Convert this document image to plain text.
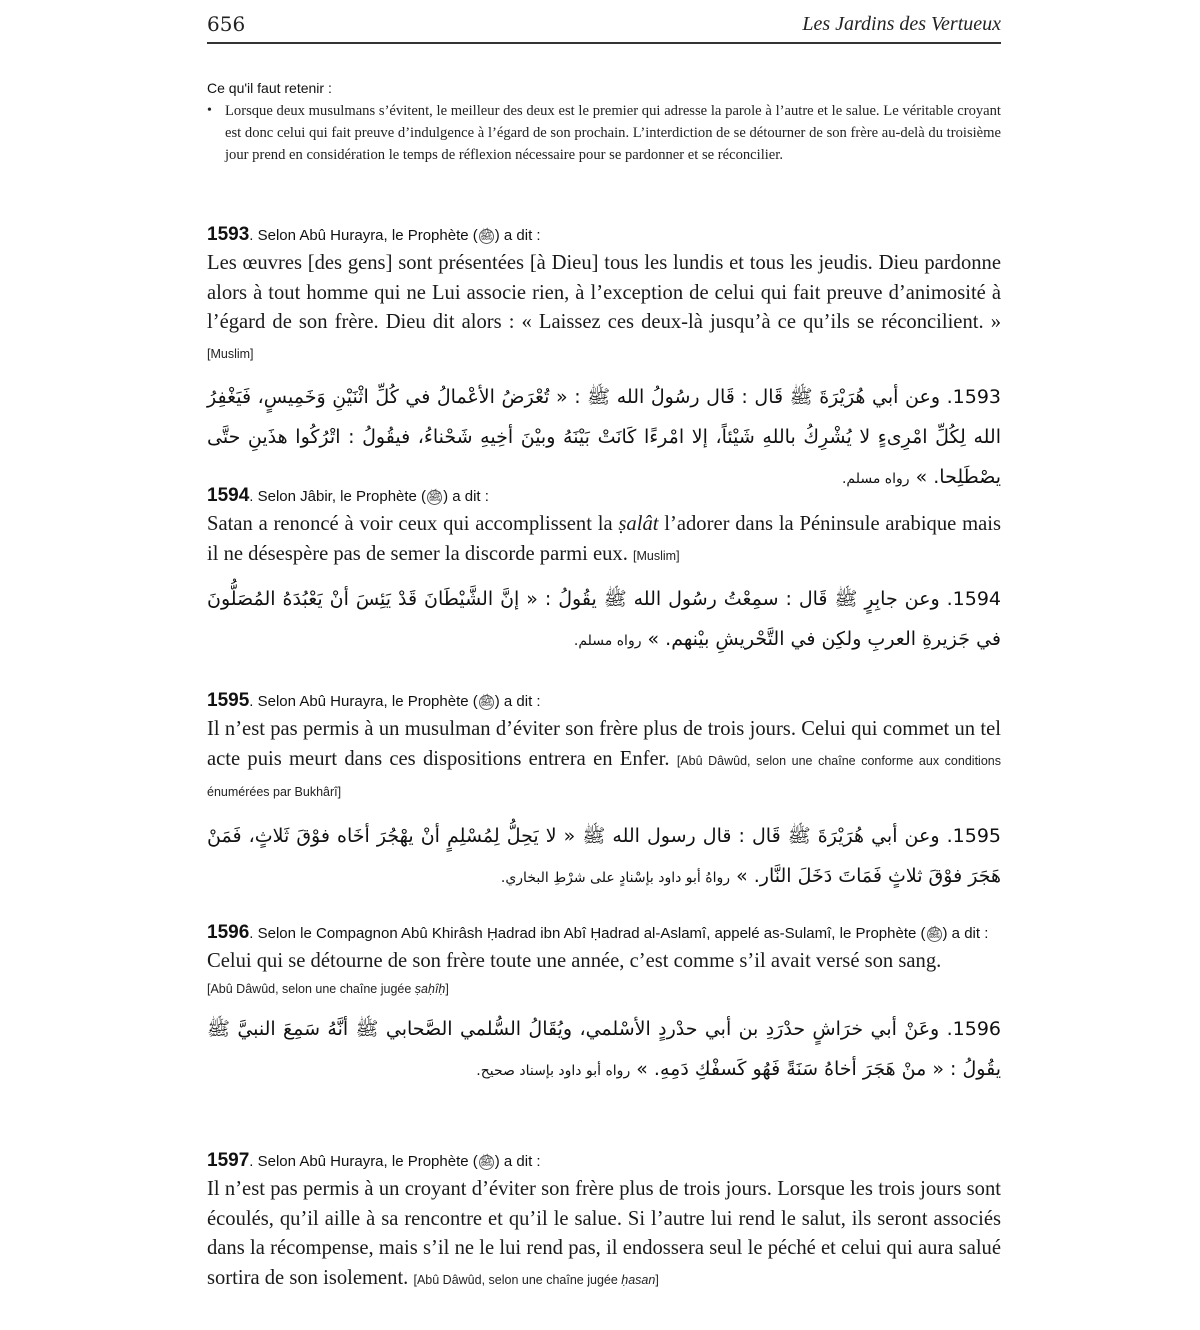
656	Les Jardins des Vertueux
Ce qu'il faut retenir :
• Lorsque deux musulmans s’évitent, le meilleur des deux est le premier qui adresse la parole à l’autre et le salue. Le véritable croyant est donc celui qui fait preuve d’indulgence à l’égard de son prochain. L’interdiction de se détourner de son frère au-delà du troisième jour prend en considération le temps de réflexion nécessaire pour se pardonner et se réconcilier.
1593. Selon Abû Hurayra, le Prophète ( ﷺ ) a dit :
Les œuvres [des gens] sont présentées [à Dieu] tous les lundis et tous les jeudis. Dieu pardonne alors à tout homme qui ne Lui associe rien, à l’exception de celui qui fait preuve d’animosité à l’égard de son frère. Dieu dit alors : « Laissez ces deux-là jusqu’à ce qu’ils se réconcilient. » [Muslim]
1593. وعن أبي هُرَيْرَةَ ﷺ قَال : قَال رسُولُ الله ﷺ : « تُعْرَضُ الأعْمالُ في كُلِّ اثْنَيْنِ وَخَمِيسٍ، فَيَغْفِرُ الله لِكُلِّ امْرِىءٍ لا يُشْرِكُ باللهِ شَيْئاً، إلا امْرءًا كَانَتْ بَيْنَهُ وبيْنَ أخِيهِ شَحْناءُ، فيقُولُ : اتْرُكُوا هذَينِ حتَّى يصْطَلِحا. » رواه مسلم.
1594. Selon Jâbir, le Prophète ( ﷺ ) a dit :
Satan a renoncé à voir ceux qui accomplissent la ṣalât l’adorer dans la Péninsule arabique mais il ne désespère pas de semer la discorde parmi eux. [Muslim]
1594. وعن جابِرٍ ﷺ قَال : سمِعْتُ رسُول الله ﷺ يقُولُ : « إنَّ الشَّيْطَانَ قَدْ يَئِسَ أنْ يَعْبُدَهُ المُصَلُّونَ في جَزيرةِ العربِ ولكِن في التَّحْريشِ بيْنهم. » رواه مسلم.
1595. Selon Abû Hurayra, le Prophète ( ﷺ ) a dit :
Il n’est pas permis à un musulman d’éviter son frère plus de trois jours. Celui qui commet un tel acte puis meurt dans ces dispositions entrera en Enfer. [Abû Dâwûd, selon une chaîne conforme aux conditions énumérées par Bukhârî]
1595. وعن أبي هُرَيْرَةَ ﷺ قَال : قال رسول الله ﷺ « لا يَحِلُّ لِمُسْلِمٍ أنْ يهْجُرَ أخَاه فوْقَ ثَلاثٍ، فَمَنْ هَجَرَ فوْقَ ثلاثٍ فَمَاتَ دَخَلَ النَّار. » رواهُ أبو داود بإسْنادٍ على شرْطِ البخاري.
1596. Selon le Compagnon Abû Khirâsh Ḥadrad ibn Abî Ḥadrad al-Aslamî, appelé as-Sulamî, le Prophète ( ﷺ ) a dit :
Celui qui se détourne de son frère toute une année, c’est comme s’il avait versé son sang.
[Abû Dâwûd, selon une chaîne jugée ṣaḥîḥ]
1596. وعَنْ أبي خرَاشٍ حدْرَدِ بن أبي حدْردٍ الأسْلمي، ويُقَالُ السُّلمي الصَّحابي ﷺ أنَّهُ سَمِعَ النبيَّ ﷺ يقُولُ : « منْ هَجَرَ أخاهُ سَنَةً فَهُو كَسفْكِ دَمِهِ. » رواه أبو داود بإسناد صحيح.
1597. Selon Abû Hurayra, le Prophète ( ﷺ ) a dit :
Il n’est pas permis à un croyant d’éviter son frère plus de trois jours. Lorsque les trois jours sont écoulés, qu’il aille à sa rencontre et qu’il le salue. Si l’autre lui rend le salut, ils seront associés dans la récompense, mais s’il ne le lui rend pas, il endossera seul le péché et celui qui aura salué sortira de son isolement. [Abû Dâwûd, selon une chaîne jugée ḥasan]
